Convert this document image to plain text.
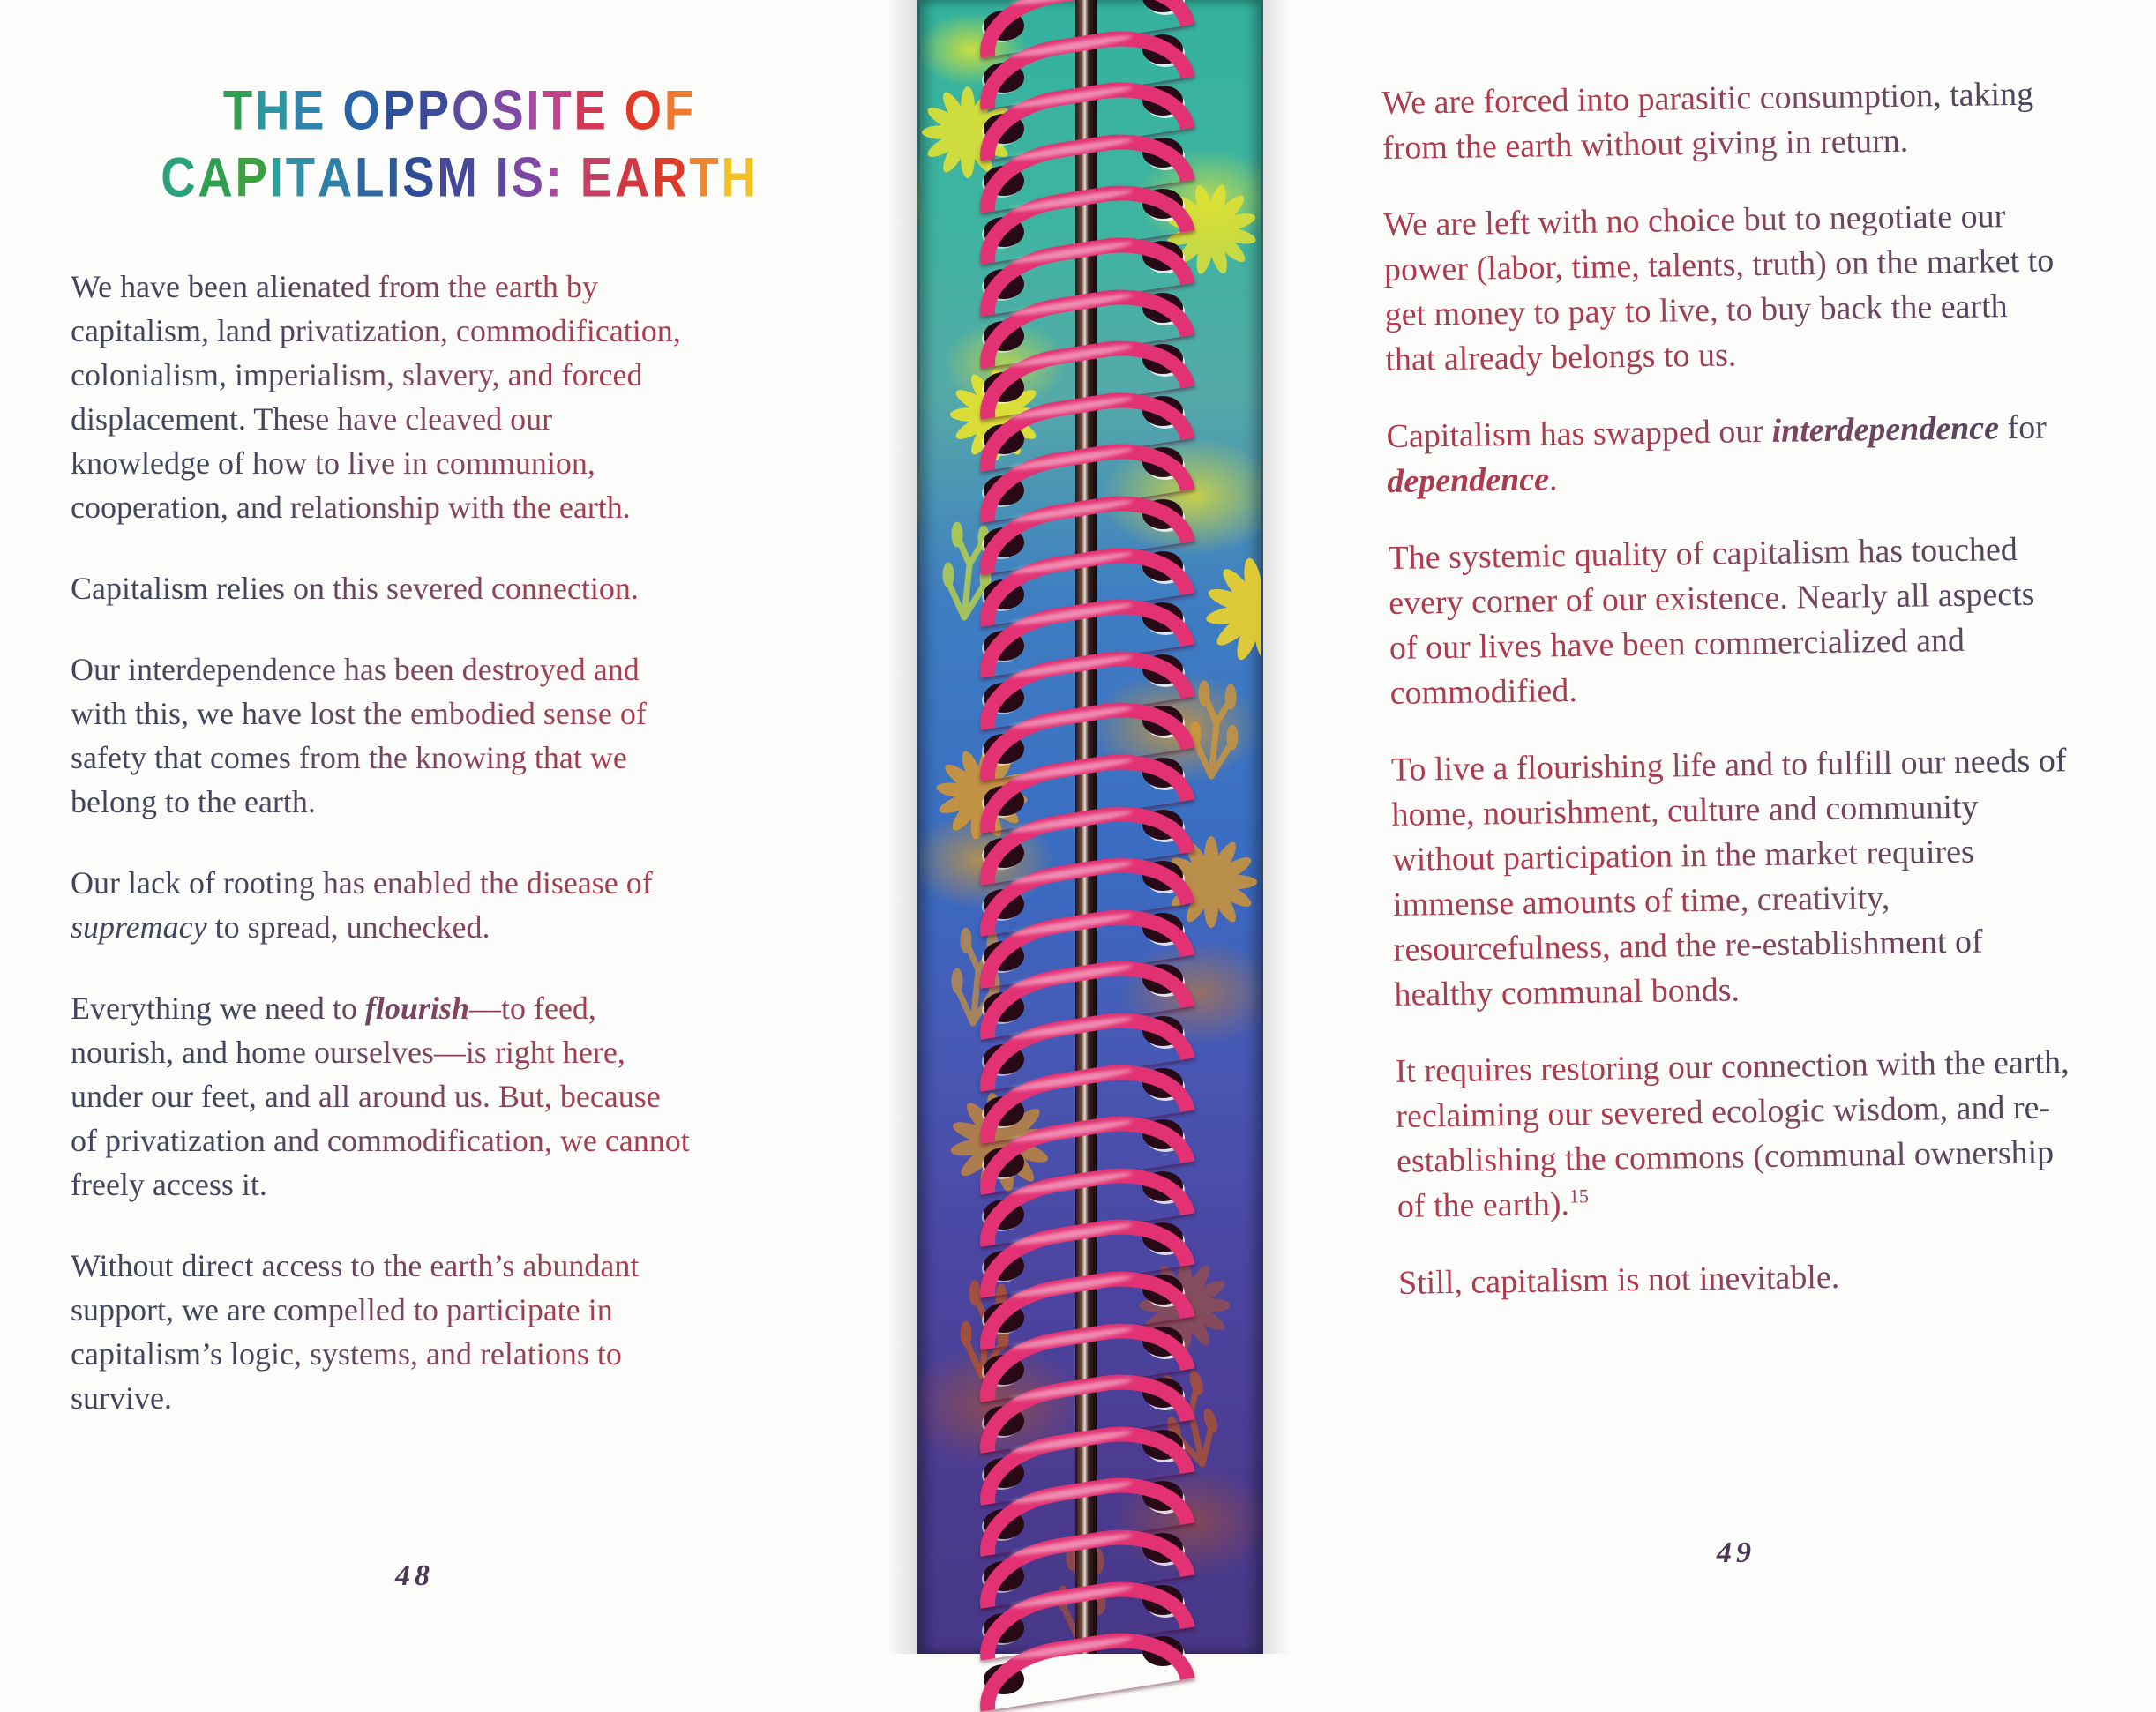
THE OPPOSITE OF
CAPITALISM IS: EARTH

We have been alienated from the earth by capitalism, land privatization, commodification, colonialism, imperialism, slavery, and forced displacement. These have cleaved our knowledge of how to live in communion, cooperation, and relationship with the earth.

Capitalism relies on this severed connection.

Our interdependence has been destroyed and with this, we have lost the embodied sense of safety that comes from the knowing that we belong to the earth.

Our lack of rooting has enabled the disease of supremacy to spread, unchecked.

Everything we need to flourish—to feed, nourish, and home ourselves—is right here, under our feet, and all around us. But, because of privatization and commodification, we cannot freely access it.

Without direct access to the earth’s abundant support, we are compelled to participate in capitalism’s logic, systems, and relations to survive.

48

We are forced into parasitic consumption, taking from the earth without giving in return.

We are left with no choice but to negotiate our power (labor, time, talents, truth) on the market to get money to pay to live, to buy back the earth that already belongs to us.

Capitalism has swapped our interdependence for dependence.

The systemic quality of capitalism has touched every corner of our existence. Nearly all aspects of our lives have been commercialized and commodified.

To live a flourishing life and to fulfill our needs of home, nourishment, culture and community without participation in the market requires immense amounts of time, creativity, resourcefulness, and the re-establishment of healthy communal bonds.

It requires restoring our connection with the earth, reclaiming our severed ecologic wisdom, and re-establishing the commons (communal ownership of the earth).$^{15}$

Still, capitalism is not inevitable.

49
